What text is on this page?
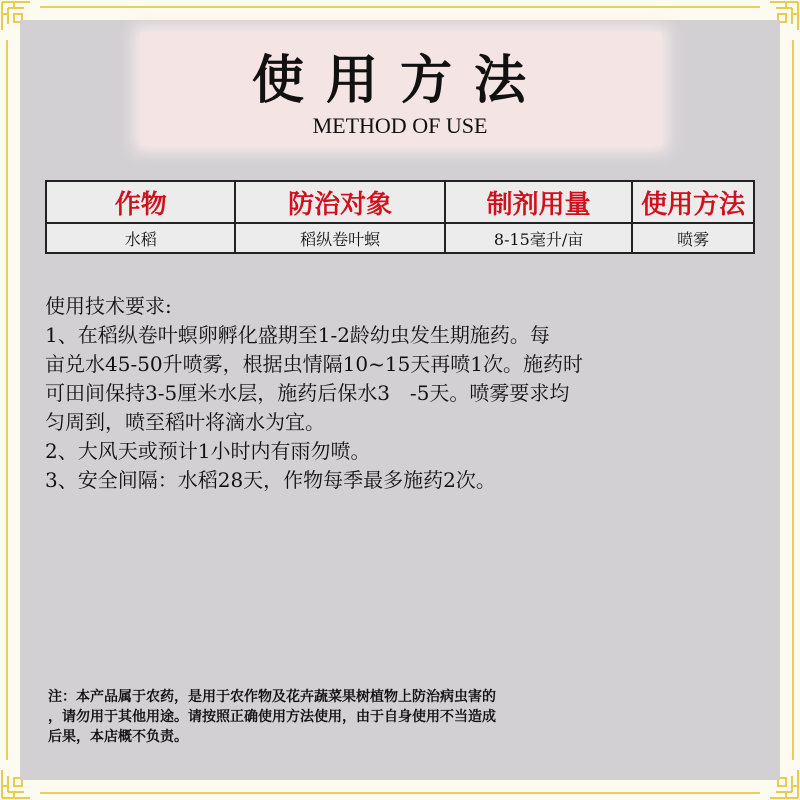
使用方法
METHOD OF USE
作物	防治对象	制剂用量	使用方法
水稻	稻纵卷叶螟	8-15毫升/亩	喷雾

使用技术要求:

1、在稻纵卷叶螟卵孵化盛期至1-2龄幼虫发生期施药。每

亩兑水45-50升喷雾，根据虫情隔10~15天再喷1次。施药时

可田间保持3-5厘米水层，施药后保水3　-5天。喷雾要求均

匀周到，喷至稻叶将滴水为宜。

2、大风天或预计1小时内有雨勿喷。

3、安全间隔：水稻28天，作物每季最多施药2次。

注：本产品属于农药，是用于农作物及花卉蔬菜果树植物上防治病虫害的
，请勿用于其他用途。请按照正确使用方法使用，由于自身使用不当造成
后果，本店概不负责。
